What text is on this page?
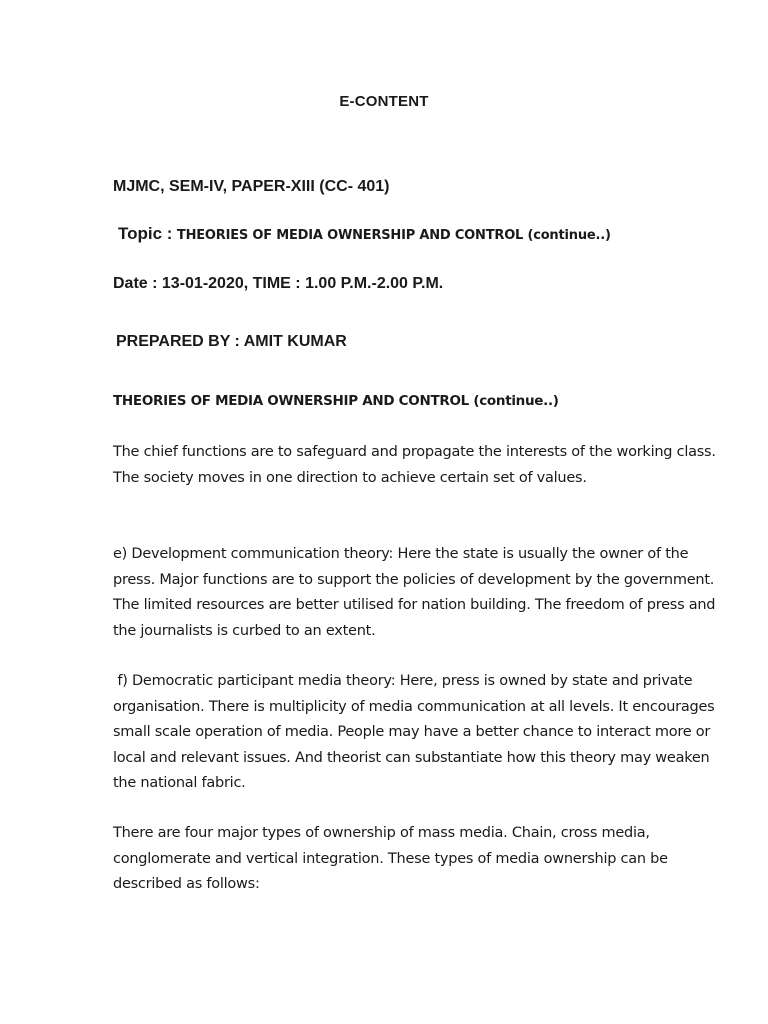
E-CONTENT
MJMC, SEM-IV, PAPER-XIII (CC- 401)
Topic : THEORIES OF MEDIA OWNERSHIP AND CONTROL (continue..)
Date : 13-01-2020, TIME : 1.00 P.M.-2.00 P.M.
PREPARED BY : AMIT KUMAR
THEORIES OF MEDIA OWNERSHIP AND CONTROL (continue..)
The chief functions are to safeguard and propagate the interests of the working class. The society moves in one direction to achieve certain set of values.
e) Development communication theory: Here the state is usually the owner of the press. Major functions are to support the policies of development by the government. The limited resources are better utilised for nation building. The freedom of press and the journalists is curbed to an extent.
f) Democratic participant media theory: Here, press is owned by state and private organisation. There is multiplicity of media communication at all levels. It encourages small scale operation of media. People may have a better chance to interact more or local and relevant issues. And theorist can substantiate how this theory may weaken the national fabric.
There are four major types of ownership of mass media. Chain, cross media, conglomerate and vertical integration. These types of media ownership can be described as follows:
